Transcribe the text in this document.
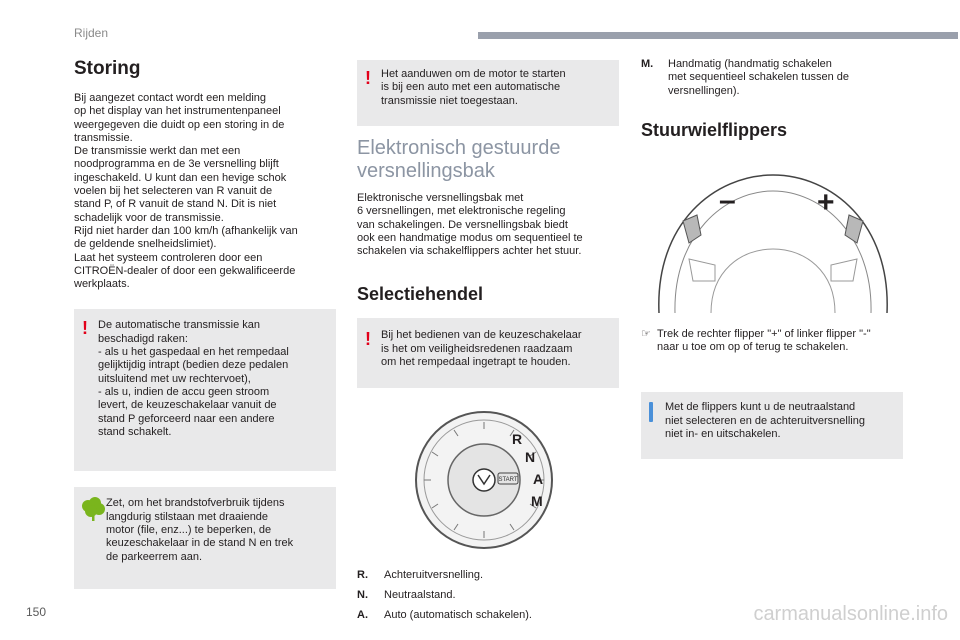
Rijden
Storing
Bij aangezet contact wordt een melding
op het display van het instrumentenpaneel
weergegeven die duidt op een storing in de
transmissie.
De transmissie werkt dan met een
noodprogramma en de 3e versnelling blijft
ingeschakeld. U kunt dan een hevige schok
voelen bij het selecteren van R vanuit de
stand P, of R vanuit de stand N. Dit is niet
schadelijk voor de transmissie.
Rijd niet harder dan 100 km/h (afhankelijk van
de geldende snelheidslimiet).
Laat het systeem controleren door een
CITROËN-dealer of door een gekwalificeerde
werkplaats.
! De automatische transmissie kan
beschadigd raken:
- als u het gaspedaal en het rempedaal
gelijktijdig intrapt (bedien deze pedalen
uitsluitend met uw rechtervoet),
- als u, indien de accu geen stroom
levert, de keuzeschakelaar vanuit de
stand P geforceerd naar een andere
stand schakelt.
Zet, om het brandstofverbruik tijdens
langdurig stilstaan met draaiende
motor (file, enz...) te beperken, de
keuzeschakelaar in de stand N en trek
de parkeerrem aan.
! Het aanduwen om de motor te starten
is bij een auto met een automatische
transmissie niet toegestaan.
Elektronisch gestuurde
versnellingsbak
Elektronische versnellingsbak met
6 versnellingen, met elektronische regeling
van schakelingen. De versnellingsbak biedt
ook een handmatige modus om sequentieel te
schakelen via schakelflippers achter het stuur.
Selectiehendel
! Bij het bedienen van de keuzeschakelaar
is het om veiligheidsredenen raadzaam
om het rempedaal ingetrapt te houden.
R
N
A
M
START
R. Achteruitversnelling.
N. Neutraalstand.
A. Auto (automatisch schakelen).
M.	Handmatig (handmatig schakelen
met sequentieel schakelen tussen de
versnellingen).
Stuurwielflippers
–	+
☞ Trek de rechter flipper "+" of linker flipper "-"
naar u toe om op of terug te schakelen.
Met de flippers kunt u de neutraalstand
niet selecteren en de achteruitversnelling
niet in- en uitschakelen.
150	carmanualsonline.info
